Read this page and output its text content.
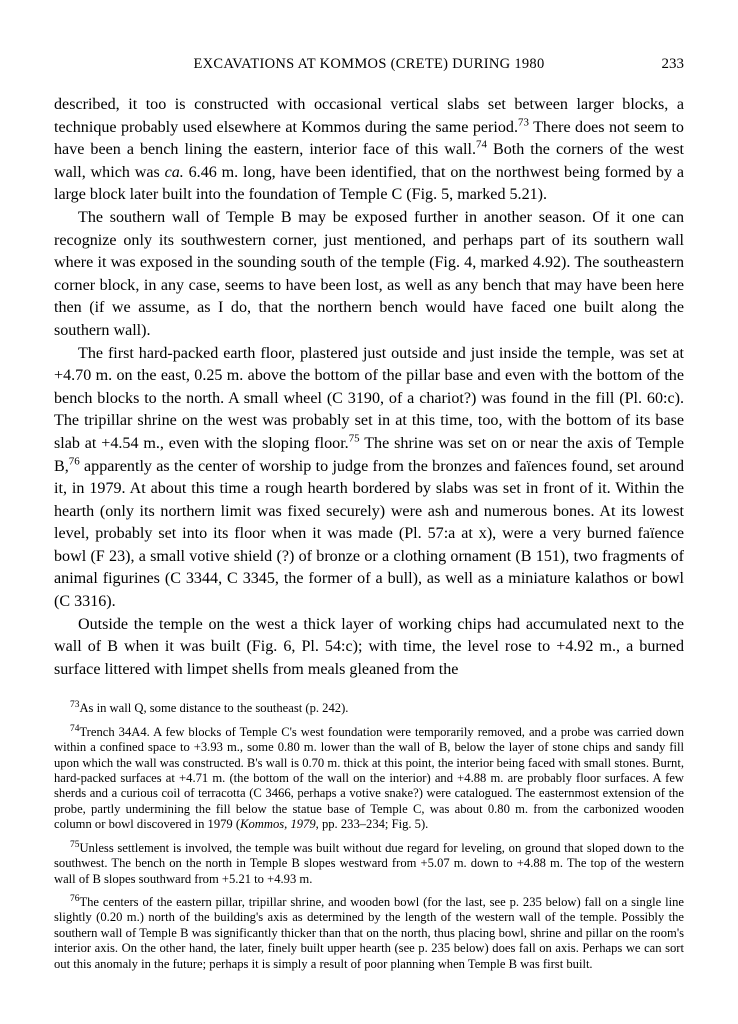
EXCAVATIONS AT KOMMOS (CRETE) DURING 1980	233

described, it too is constructed with occasional vertical slabs set between larger blocks, a technique probably used elsewhere at Kommos during the same period.$^{73}$ There does not seem to have been a bench lining the eastern, interior face of this wall.$^{74}$ Both the corners of the west wall, which was ca. 6.46 m. long, have been identified, that on the northwest being formed by a large block later built into the foundation of Temple C (Fig. 5, marked 5.21).

The southern wall of Temple B may be exposed further in another season. Of it one can recognize only its southwestern corner, just mentioned, and perhaps part of its southern wall where it was exposed in the sounding south of the temple (Fig. 4, marked 4.92). The southeastern corner block, in any case, seems to have been lost, as well as any bench that may have been here then (if we assume, as I do, that the northern bench would have faced one built along the southern wall).

The first hard-packed earth floor, plastered just outside and just inside the temple, was set at +4.70 m. on the east, 0.25 m. above the bottom of the pillar base and even with the bottom of the bench blocks to the north. A small wheel (C 3190, of a chariot?) was found in the fill (Pl. 60:c). The tripillar shrine on the west was probably set in at this time, too, with the bottom of its base slab at +4.54 m., even with the sloping floor.$^{75}$ The shrine was set on or near the axis of Temple B,$^{76}$ apparently as the center of worship to judge from the bronzes and faïences found, set around it, in 1979. At about this time a rough hearth bordered by slabs was set in front of it. Within the hearth (only its northern limit was fixed securely) were ash and numerous bones. At its lowest level, probably set into its floor when it was made (Pl. 57:a at x), were a very burned faïence bowl (F 23), a small votive shield (?) of bronze or a clothing ornament (B 151), two fragments of animal figurines (C 3344, C 3345, the former of a bull), as well as a miniature kalathos or bowl (C 3316).

Outside the temple on the west a thick layer of working chips had accumulated next to the wall of B when it was built (Fig. 6, Pl. 54:c); with time, the level rose to +4.92 m., a burned surface littered with limpet shells from meals gleaned from the

$^{73}$As in wall Q, some distance to the southeast (p. 242).

$^{74}$Trench 34A4. A few blocks of Temple C's west foundation were temporarily removed, and a probe was carried down within a confined space to +3.93 m., some 0.80 m. lower than the wall of B, below the layer of stone chips and sandy fill upon which the wall was constructed. B's wall is 0.70 m. thick at this point, the interior being faced with small stones. Burnt, hard-packed surfaces at +4.71 m. (the bottom of the wall on the interior) and +4.88 m. are probably floor surfaces. A few sherds and a curious coil of terracotta (C 3466, perhaps a votive snake?) were catalogued. The easternmost extension of the probe, partly undermining the fill below the statue base of Temple C, was about 0.80 m. from the carbonized wooden column or bowl discovered in 1979 (Kommos, 1979, pp. 233–234; Fig. 5).

$^{75}$Unless settlement is involved, the temple was built without due regard for leveling, on ground that sloped down to the southwest. The bench on the north in Temple B slopes westward from +5.07 m. down to +4.88 m. The top of the western wall of B slopes southward from +5.21 to +4.93 m.

$^{76}$The centers of the eastern pillar, tripillar shrine, and wooden bowl (for the last, see p. 235 below) fall on a single line slightly (0.20 m.) north of the building's axis as determined by the length of the western wall of the temple. Possibly the southern wall of Temple B was significantly thicker than that on the north, thus placing bowl, shrine and pillar on the room's interior axis. On the other hand, the later, finely built upper hearth (see p. 235 below) does fall on axis. Perhaps we can sort out this anomaly in the future; perhaps it is simply a result of poor planning when Temple B was first built.
